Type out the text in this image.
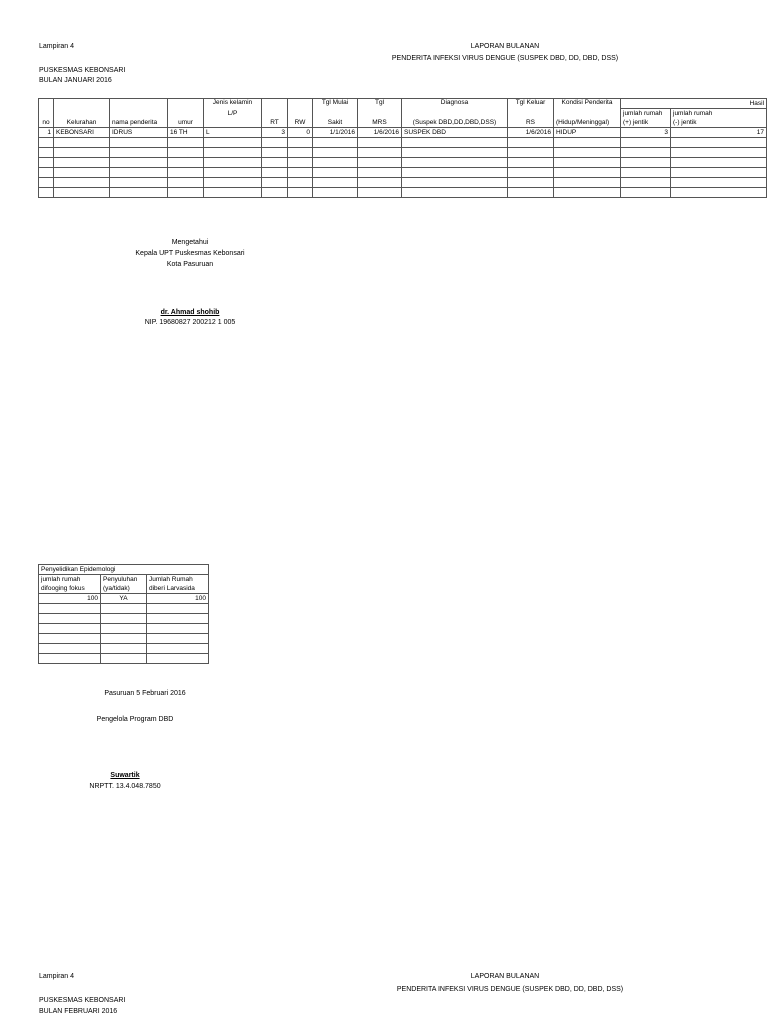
Lampiran 4	LAPORAN BULANAN
PENDERITA INFEKSI VIRUS DENGUE (SUSPEK DBD, DD, DBD, DSS)
PUSKESMAS KEBONSARI
BULAN JANUARI 2016
				Jenis kelamin			Tgl Mulai	Tgl	Diagnosa	Tgl Keluar	Kondisi Penderita	Hasil	
				L/P								jumlah rumah	jumlah rumah
no	Kelurahan	nama penderita	umur		RT	RW	Sakit	MRS	(Suspek DBD,DD,DBD,DSS)	RS	(Hidup/Meninggal)	(+) jentik	(-) jentik
1	KEBONSARI	IDRUS	16 TH	L	3	0	1/1/2016	1/6/2016	SUSPEK DBD	1/6/2016	HIDUP	3	17

Mengetahui
Kepala UPT Puskesmas Kebonsari
Kota Pasuruan
dr. Ahmad shohib
NIP. 19680827 200212 1 005
Penyelidikan Epidemologi		
jumlah rumah	Penyuluhan	Jumlah Rumah
difooging fokus	(ya/tidak)	diberi Larvasida
100	YA	100

Pasuruan 5 Februari 2016
Pengelola Program DBD
Suwartik
NRPTT. 13.4.048.7850
Lampiran 4	LAPORAN BULANAN
PENDERITA INFEKSI VIRUS DENGUE (SUSPEK DBD, DD, DBD, DSS)
PUSKESMAS KEBONSARI
BULAN FEBRUARI 2016
